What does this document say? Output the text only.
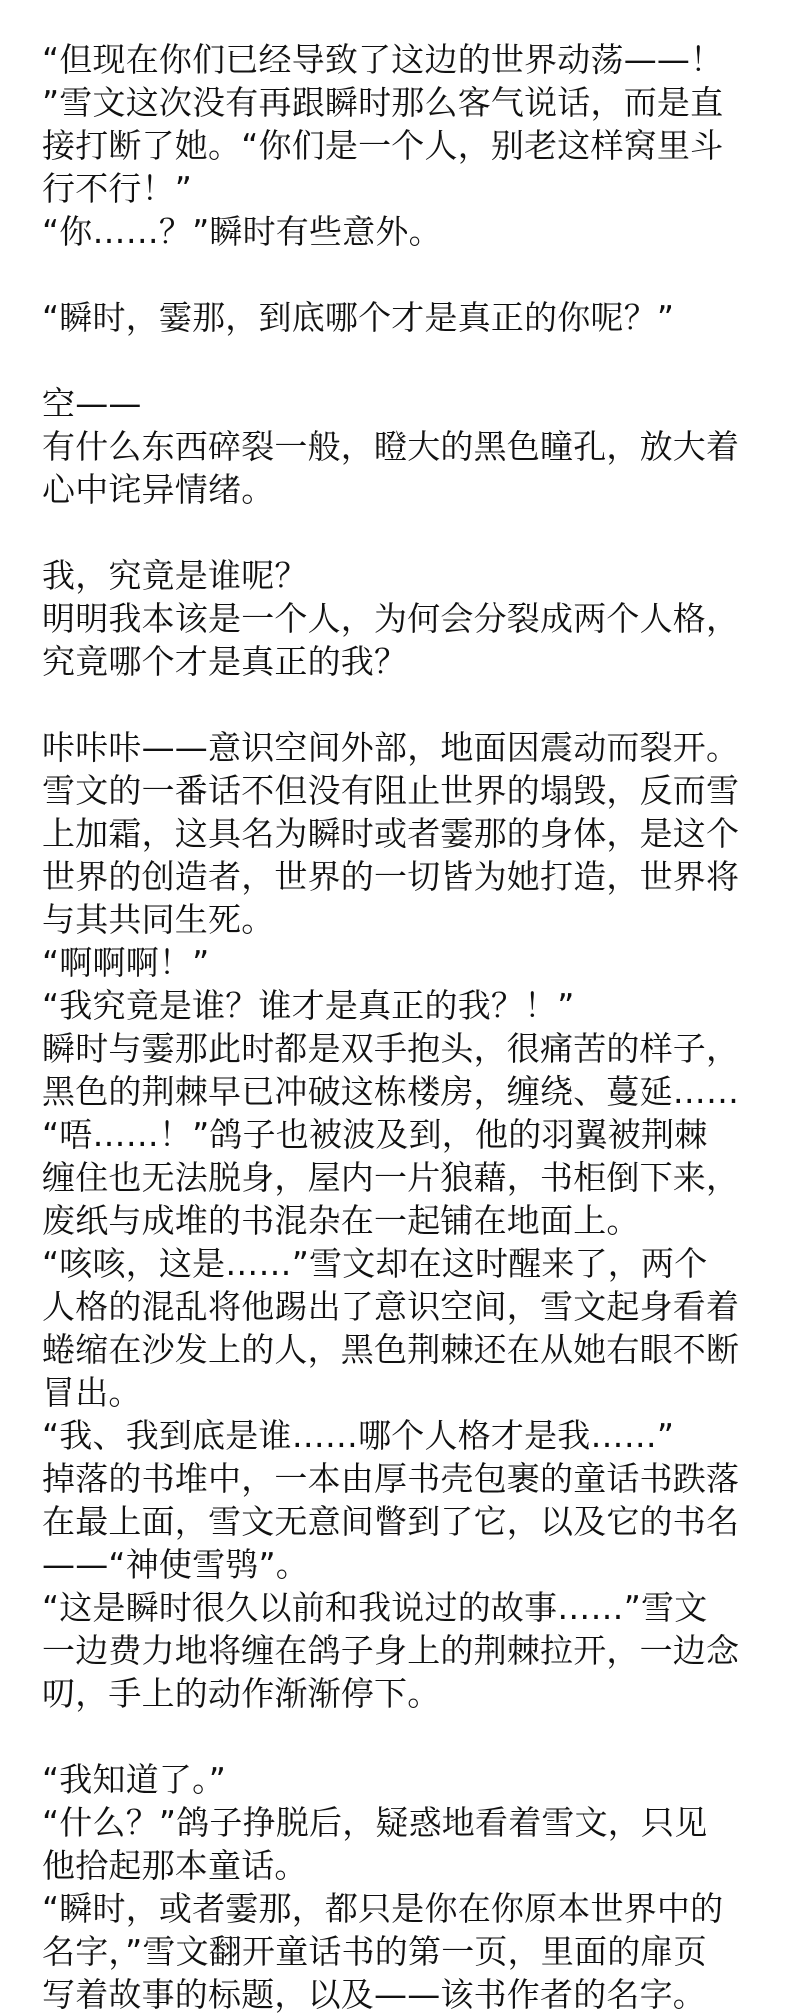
“但现在你们已经导致了这边的世界动荡——！
”雪文这次没有再跟瞬时那么客气说话，而是直
接打断了她。“你们是一个人，别老这样窝里斗
行不行！”
“你……？”瞬时有些意外。
“瞬时，霎那，到底哪个才是真正的你呢？”
空——
有什么东西碎裂一般，瞪大的黑色瞳孔，放大着
心中诧异情绪。
我，究竟是谁呢？
明明我本该是一个人，为何会分裂成两个人格，
究竟哪个才是真正的我？
咔咔咔——意识空间外部，地面因震动而裂开。
雪文的一番话不但没有阻止世界的塌毁，反而雪
上加霜，这具名为瞬时或者霎那的身体，是这个
世界的创造者，世界的一切皆为她打造，世界将
与其共同生死。
“啊啊啊！”
“我究竟是谁？谁才是真正的我？！”
瞬时与霎那此时都是双手抱头，很痛苦的样子，
黑色的荆棘早已冲破这栋楼房，缠绕、蔓延……
“唔……！”鸽子也被波及到，他的羽翼被荆棘
缠住也无法脱身，屋内一片狼藉，书柜倒下来，
废纸与成堆的书混杂在一起铺在地面上。
“咳咳，这是……”雪文却在这时醒来了，两个
人格的混乱将他踢出了意识空间，雪文起身看着
蜷缩在沙发上的人，黑色荆棘还在从她右眼不断
冒出。
“我、我到底是谁……哪个人格才是我……”
掉落的书堆中，一本由厚书壳包裹的童话书跌落
在最上面，雪文无意间瞥到了它，以及它的书名
——“神使雪鸮”。
“这是瞬时很久以前和我说过的故事……”雪文
一边费力地将缠在鸽子身上的荆棘拉开，一边念
叨，手上的动作渐渐停下。
“我知道了。”
“什么？”鸽子挣脱后，疑惑地看着雪文，只见
他拾起那本童话。
“瞬时，或者霎那，都只是你在你原本世界中的
名字，”雪文翻开童话书的第一页，里面的扉页
写着故事的标题，以及——该书作者的名字。
